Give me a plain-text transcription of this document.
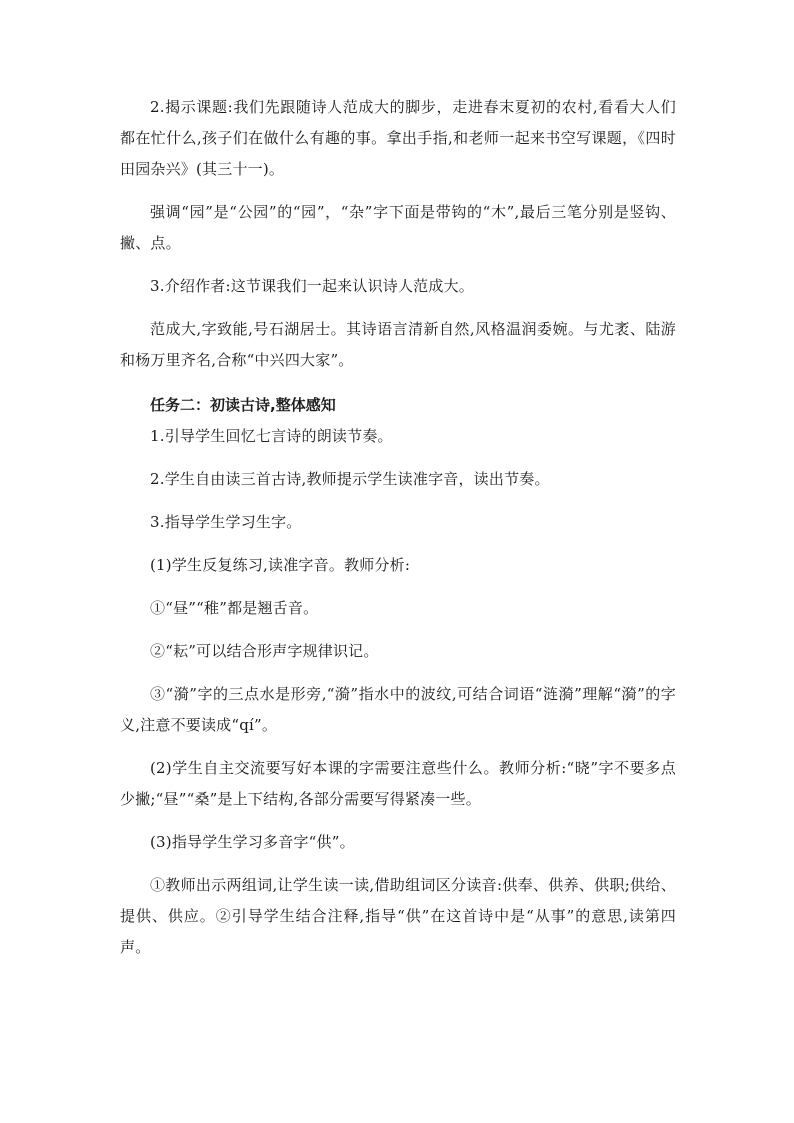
2.揭示课题:我们先跟随诗人范成大的脚步，走进春末夏初的农村,看看大人们都在忙什么,孩子们在做什么有趣的事。拿出手指,和老师一起来书空写课题，《四时田园杂兴》(其三十一)。

强调“园”是“公园”的“园”，“杂”字下面是带钩的“木”,最后三笔分别是竖钩、撇、点。

3.介绍作者:这节课我们一起来认识诗人范成大。

范成大,字致能,号石湖居士。其诗语言清新自然,风格温润委婉。与尤袤、陆游和杨万里齐名,合称“中兴四大家”。

任务二：初读古诗,整体感知

1.引导学生回忆七言诗的朗读节奏。

2.学生自由读三首古诗,教师提示学生读准字音，读出节奏。

3.指导学生学习生字。

(1)学生反复练习,读准字音。教师分析:

①“昼”“稚”都是翘舌音。

②“耘”可以结合形声字规律识记。

③“漪”字的三点水是形旁,“漪”指水中的波纹,可结合词语“涟漪”理解“漪”的字义,注意不要读成“qí”。

(2)学生自主交流要写好本课的字需要注意些什么。教师分析:“晓”字不要多点少撇;“昼”“桑”是上下结构,各部分需要写得紧凑一些。

(3)指导学生学习多音字“供”。

①教师出示两组词,让学生读一读,借助组词区分读音:供奉、供养、供职;供给、提供、供应。②引导学生结合注释,指导“供”在这首诗中是“从事”的意思,读第四声。
